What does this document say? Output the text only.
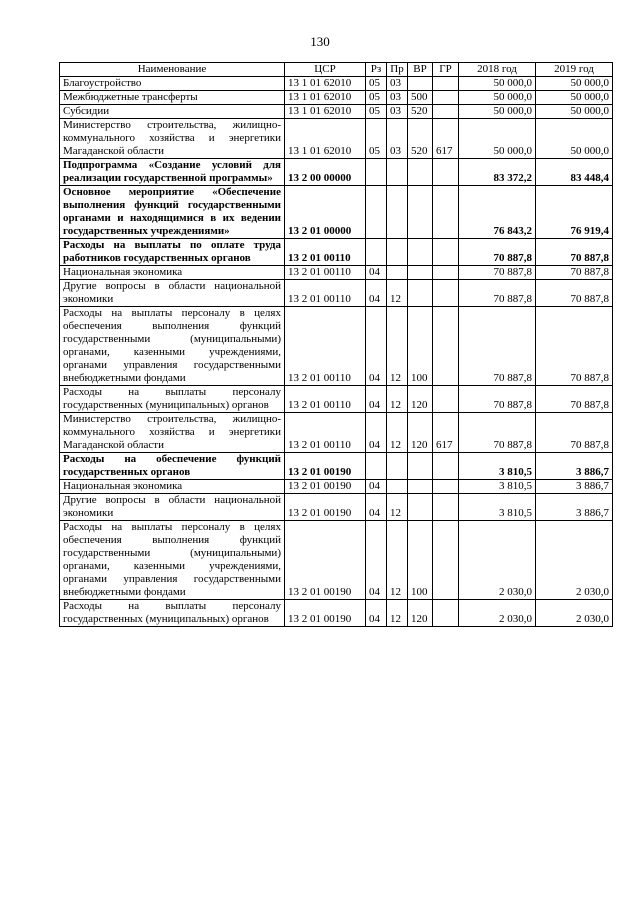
130
Наименование	ЦСР	Рз	Пр	ВР	ГР	2018 год	2019 год
Благоустройство	13 1 01 62010	05	03			50 000,0	50 000,0
Межбюджетные трансферты	13 1 01 62010	05	03	500		50 000,0	50 000,0
Субсидии	13 1 01 62010	05	03	520		50 000,0	50 000,0
Министерство строительства, жилищно-коммунального хозяйства и энергетики Магаданской области	13 1 01 62010	05	03	520	617	50 000,0	50 000,0
Подпрограмма «Создание условий для реализации государственной программы»	13 2 00 00000					83 372,2	83 448,4
Основное мероприятие «Обеспечение выполнения функций государственными органами и находящимися в их ведении государственных учреждениями»	13 2 01 00000					76 843,2	76 919,4
Расходы на выплаты по оплате труда работников государственных органов	13 2 01 00110					70 887,8	70 887,8
Национальная экономика	13 2 01 00110	04				70 887,8	70 887,8
Другие вопросы в области национальной экономики	13 2 01 00110	04	12			70 887,8	70 887,8
Расходы на выплаты персоналу в целях обеспечения выполнения функций государственными (муниципальными) органами, казенными учреждениями, органами управления государственными внебюджетными фондами	13 2 01 00110	04	12	100		70 887,8	70 887,8
Расходы на выплаты персоналу государственных (муниципальных) органов	13 2 01 00110	04	12	120		70 887,8	70 887,8
Министерство строительства, жилищно-коммунального хозяйства и энергетики Магаданской области	13 2 01 00110	04	12	120	617	70 887,8	70 887,8
Расходы на обеспечение функций государственных органов	13 2 01 00190					3 810,5	3 886,7
Национальная экономика	13 2 01 00190	04				3 810,5	3 886,7
Другие вопросы в области национальной экономики	13 2 01 00190	04	12			3 810,5	3 886,7
Расходы на выплаты персоналу в целях обеспечения выполнения функций государственными (муниципальными) органами, казенными учреждениями, органами управления государственными внебюджетными фондами	13 2 01 00190	04	12	100		2 030,0	2 030,0
Расходы на выплаты персоналу государственных (муниципальных) органов	13 2 01 00190	04	12	120		2 030,0	2 030,0
